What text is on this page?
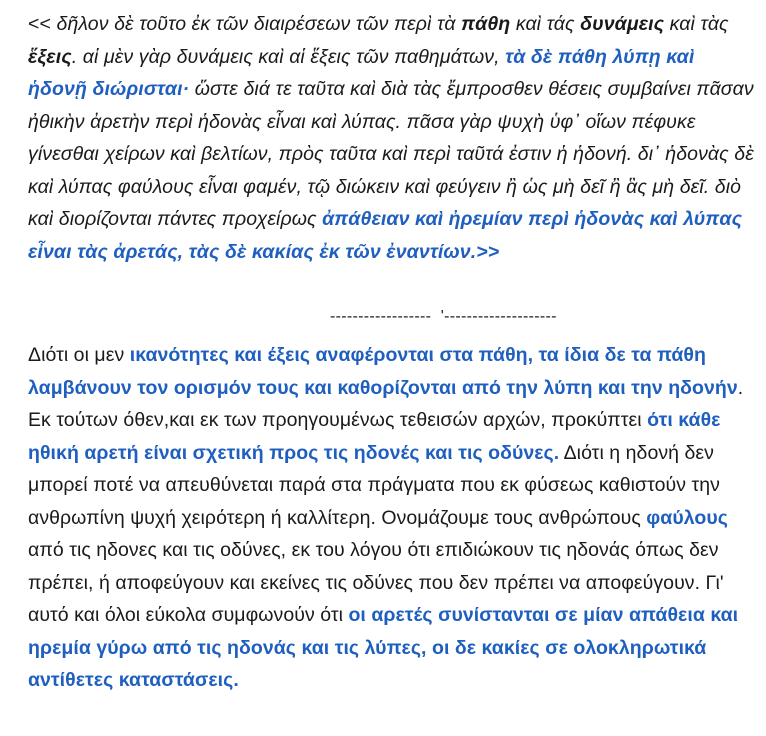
<< δῆλον δὲ τοῦτο ἐκ τῶν διαιρέσεων τῶν περὶ τὰ πάθη καὶ τάς δυνάμεις καὶ τὰς ἕξεις. αἱ μὲν γὰρ δυνάμεις καὶ αἱ ἕξεις τῶν παθημάτων, τὰ δὲ πάθη λύπῃ καὶ ἡδονῇ διώρισται· ὥστε διά τε ταῦτα καὶ διὰ τὰς ἔμπροσθεν θέσεις συμβαίνει πᾶσαν ἠθικὴν ἀρετὴν περὶ ἡδονὰς εἶναι καὶ λύπας. πᾶσα γὰρ ψυχὴ ὑφ᾽ οἵων πέφυκε γίνεσθαι χείρων καὶ βελτίων, πρὸς ταῦτα καὶ περὶ ταῦτά ἐστιν ἡ ἡδονή. δι᾽ ἡδονὰς δὲ καὶ λύπας φαύλους εἶναι φαμέν, τῷ διώκειν καὶ φεύγειν ἢ ὡς μὴ δεῖ ἢ ἃς μὴ δεῖ. διὸ καὶ διορίζονται πάντες προχείρως ἀπάθειαν καὶ ἠρεμίαν περὶ ἡδονὰς καὶ λύπας εἶναι τὰς ἀρετάς, τὰς δὲ κακίας ἐκ τῶν ἐναντίων.>>

------------------  '--------------------

Διότι οι μεν ικανότητες και έξεις αναφέρονται στα πάθη, τα ίδια δε τα πάθη λαμβάνουν τον ορισμόν τους και καθορίζονται από την λύπη και την ηδονήν. Εκ τούτων όθεν,και εκ των προηγουμένως τεθεισών αρχών, προκύπτει ότι κάθε ηθική αρετή είναι σχετική προς τις ηδονές και τις οδύνες. Διότι η ηδονή δεν μπορεί ποτέ να απευθύνεται παρά στα πράγματα που εκ φύσεως καθιστούν την ανθρωπίνη ψυχή χειρότερη ή καλλίτερη. Ονομάζουμε τους ανθρώπους φαύλους από τις ηδονες και τις οδύνες, εκ του λόγου ότι επιδιώκουν τις ηδονάς όπως δεν πρέπει, ή αποφεύγουν και εκείνες τις οδύνες που δεν πρέπει να αποφεύγουν. Γι' αυτό και όλοι εύκολα συμφωνούν ότι οι αρετές συνίστανται σε μίαν απάθεια και ηρεμία γύρω από τις ηδονάς και τις λύπες, οι δε κακίες σε ολοκληρωτικά αντίθετες καταστάσεις.
